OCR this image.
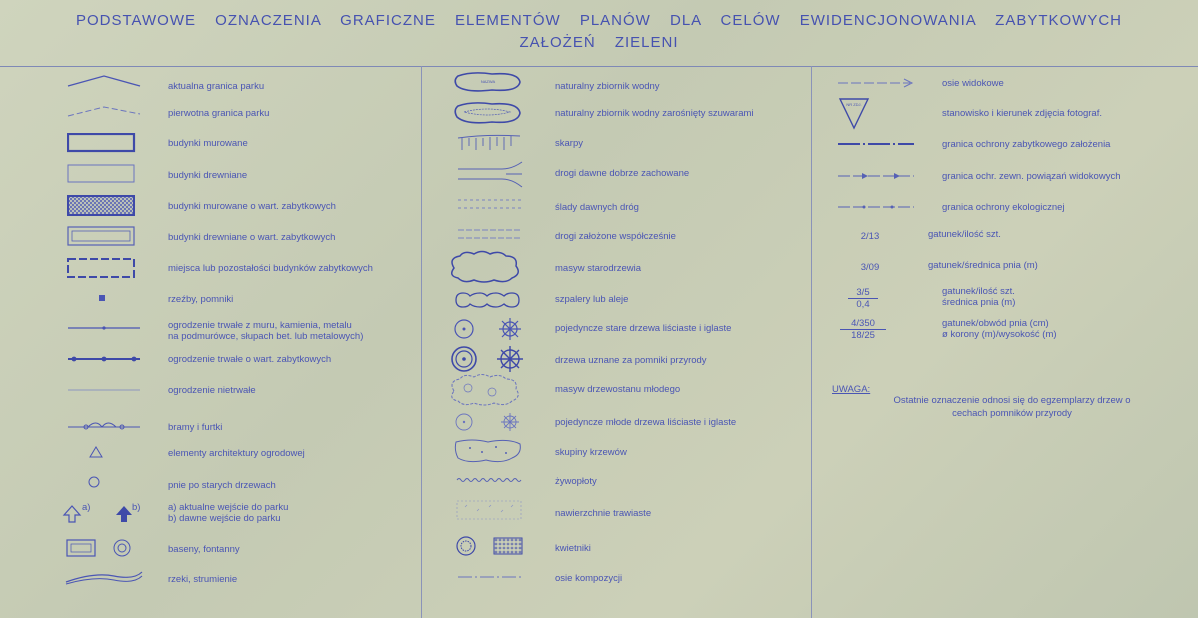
PODSTAWOWE OZNACZENIA GRAFICZNE ELEMENTÓW PLANÓW DLA CELÓW EWIDENCJONOWANIA ZABYTKOWYCH
ZAŁOŻEŃ ZIELENI
aktualna granica parku
pierwotna granica parku
budynki murowane
budynki drewniane
budynki murowane o wart. zabytkowych
budynki drewniane o wart. zabytkowych
miejsca lub pozostałości budynków zabytkowych
rzeźby, pomniki
ogrodzenie trwałe z muru, kamienia, metalu
na podmurówce, słupach bet. lub metalowych)
ogrodzenie trwałe o wart. zabytkowych
ogrodzenie nietrwałe
bramy i furtki
elementy architektury ogrodowej
pnie po starych drzewach
a)	b)	a) aktualne wejście do parku
b) dawne wejście do parku
baseny, fontanny
rzeki, strumienie
NAZWA	naturalny zbiornik wodny
naturalny zbiornik wodny zarośnięty szuwarami
skarpy
drogi dawne dobrze zachowane
ślady dawnych dróg
drogi założone współcześnie
masyw starodrzewia
szpalery lub aleje
pojedyncze stare drzewa liściaste i iglaste
drzewa uznane za pomniki przyrody
masyw drzewostanu młodego
pojedyncze młode drzewa liściaste i iglaste
skupiny krzewów
żywopłoty
nawierzchnie trawiaste
kwietniki
osie kompozycji
osie widokowe
NR ZDJ.
stanowisko i kierunek zdjęcia fotograf.
granica ochrony zabytkowego założenia
granica ochr. zewn. powiązań widokowych
granica ochrony ekologicznej
2/13	gatunek/ilość szt.
3/09	gatunek/średnica pnia (m)
$\frac{3/5}{0,4}$	gatunek/ilość szt.
średnica pnia (m)
$\frac{4/350}{18/25}$	gatunek/obwód pnia (cm)
ø korony (m)/wysokość (m)
UWAGA:
Ostatnie oznaczenie odnosi się do egzemplarzy drzew o cechach pomników przyrody
